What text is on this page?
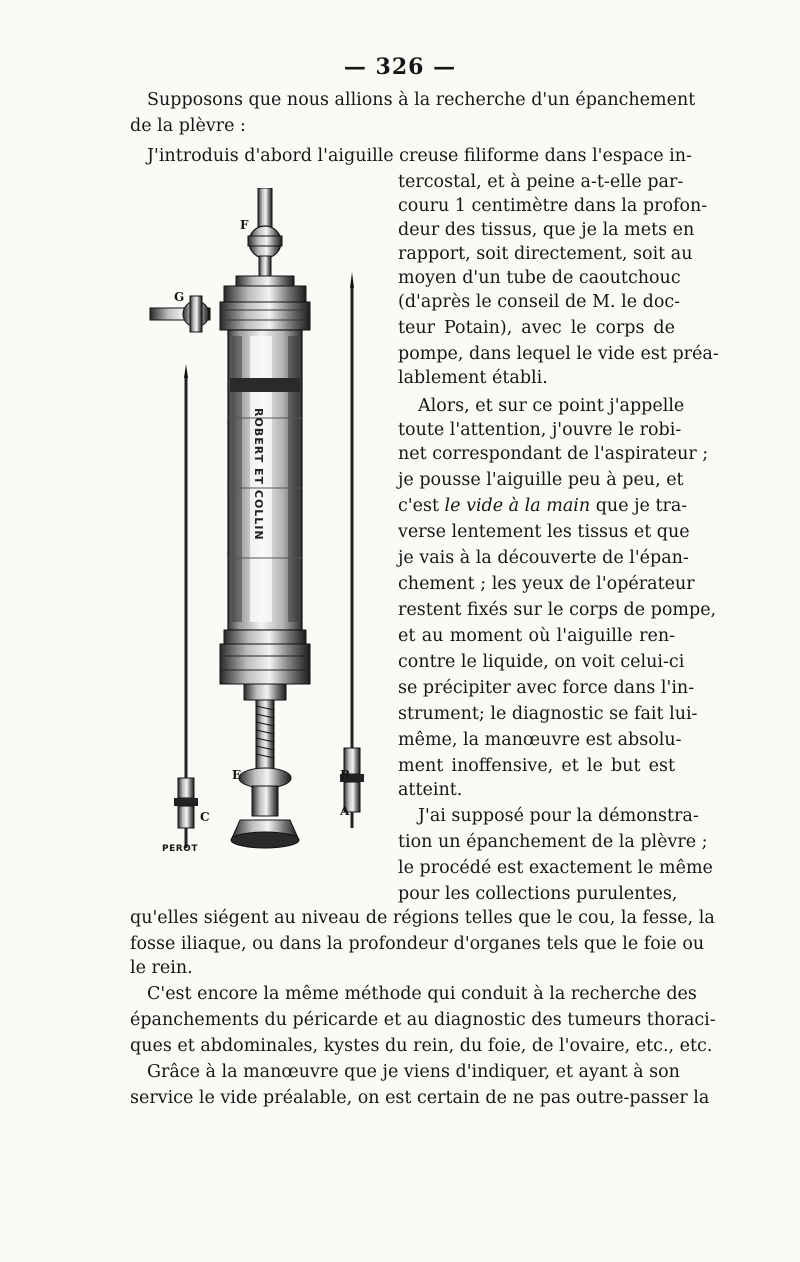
— 326 —
Supposons que nous allions à la recherche d'un épanchement
de la plèvre :
J'introduis d'abord l'aiguille creuse filiforme dans l'espace in-
tercostal, et à peine a-t-elle par-
couru 1 centimètre dans la profon-
deur des tissus, que je la mets en
rapport, soit directement, soit au
moyen d'un tube de caoutchouc
(d'après le conseil de M. le doc-
teur Potain), avec le corps de
pompe, dans lequel le vide est préa-
lablement établi.
Alors, et sur ce point j'appelle
toute l'attention, j'ouvre le robi-
net correspondant de l'aspirateur ;
je pousse l'aiguille peu à peu, et
c'est le vide à la main que je tra-
verse lentement les tissus et que
je vais à la découverte de l'épan-
chement ; les yeux de l'opérateur
restent fixés sur le corps de pompe,
et au moment où l'aiguille ren-
contre le liquide, on voit celui-ci
se précipiter avec force dans l'in-
strument; le diagnostic se fait lui-
même, la manœuvre est absolu-
ment inoffensive, et le but est
atteint.
J'ai supposé pour la démonstra-
tion un épanchement de la plèvre ;
le procédé est exactement le même
pour les collections purulentes,
qu'elles siégent au niveau de régions telles que le cou, la fesse, la
fosse iliaque, ou dans la profondeur d'organes tels que le foie ou
le rein.
C'est encore la même méthode qui conduit à la recherche des
épanchements du péricarde et au diagnostic des tumeurs thoraci-
ques et abdominales, kystes du rein, du foie, de l'ovaire, etc., etc.
Grâce à la manœuvre que je viens d'indiquer, et ayant à son
service le vide préalable, on est certain de ne pas outre-passer la
F
G
E	B
C	A
ROBERT ET COLLIN
PEROT
